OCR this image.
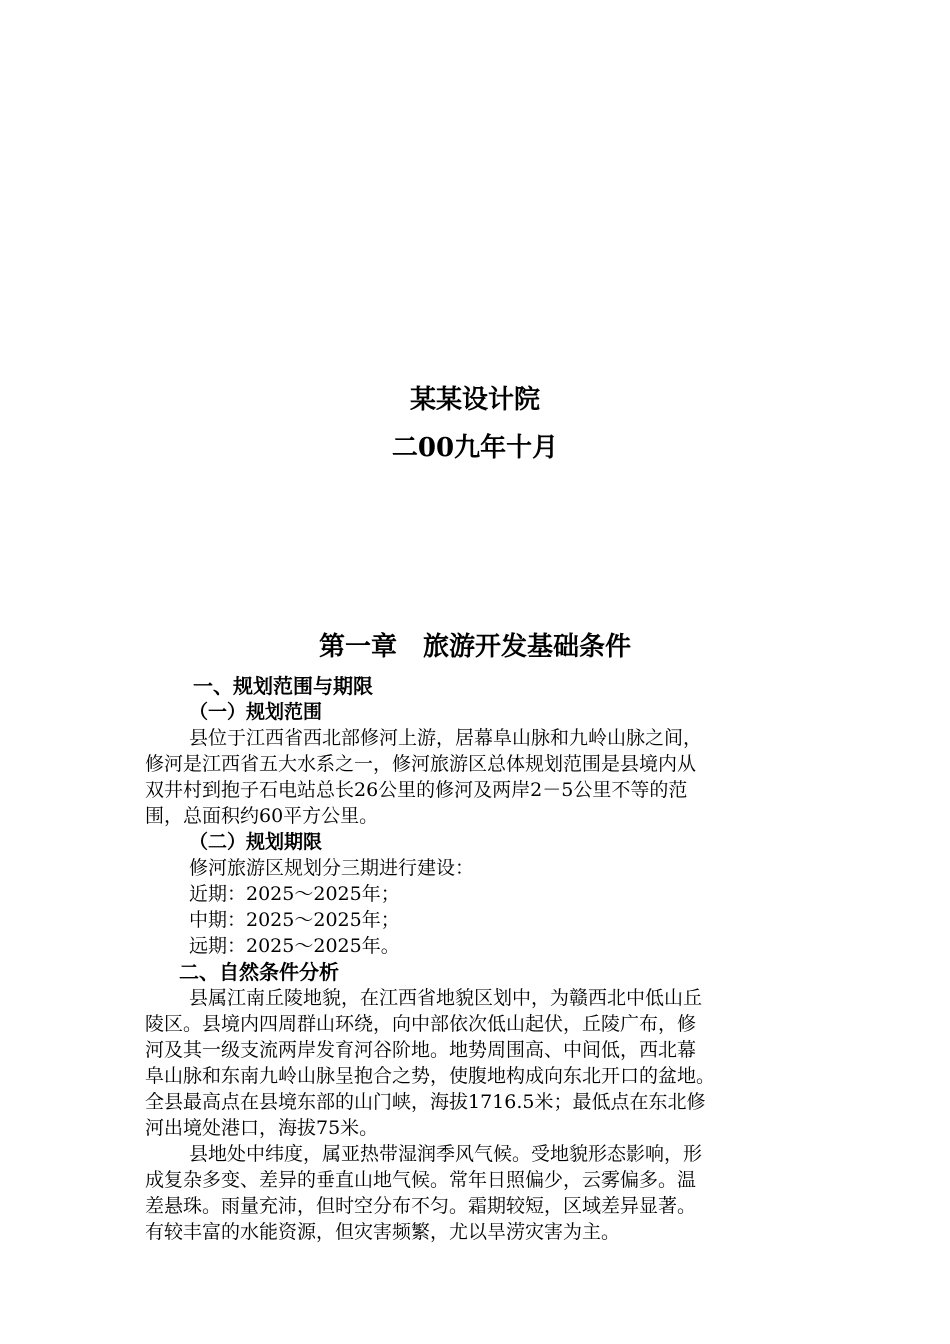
某某设计院
二00九年十月
第一章　旅游开发基础条件
一、规划范围与期限
（一）规划范围
县位于江西省西北部修河上游，居幕阜山脉和九岭山脉之间，
修河是江西省五大水系之一，修河旅游区总体规划范围是县境内从
双井村到抱子石电站总长26公里的修河及两岸2－5公里不等的范
围，总面积约60平方公里。
（二）规划期限
修河旅游区规划分三期进行建设：
近期：2025～2025年；
中期：2025～2025年；
远期：2025～2025年。
二、自然条件分析
县属江南丘陵地貌，在江西省地貌区划中，为赣西北中低山丘
陵区。县境内四周群山环绕，向中部依次低山起伏，丘陵广布，修
河及其一级支流两岸发育河谷阶地。地势周围高、中间低，西北幕
阜山脉和东南九岭山脉呈抱合之势，使腹地构成向东北开口的盆地。
全县最高点在县境东部的山门峡，海拔1716.5米；最低点在东北修
河出境处港口，海拔75米。
县地处中纬度，属亚热带湿润季风气候。受地貌形态影响，形
成复杂多变、差异的垂直山地气候。常年日照偏少，云雾偏多。温
差悬珠。雨量充沛，但时空分布不匀。霜期较短，区域差异显著。
有较丰富的水能资源，但灾害频繁，尤以旱涝灾害为主。
